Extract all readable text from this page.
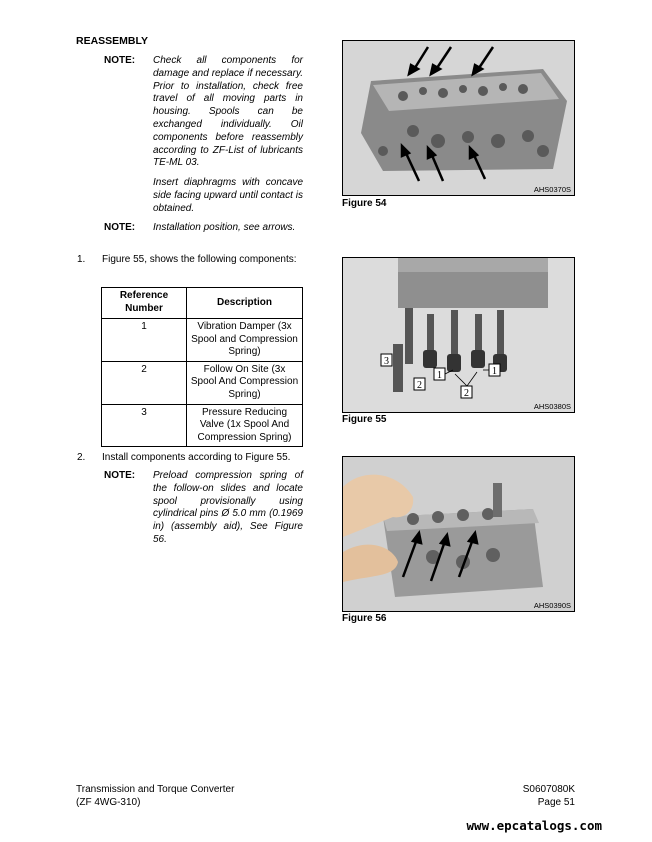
REASSEMBLY
NOTE: Check all components for damage and replace if necessary. Prior to installation, check free travel of all moving parts in housing. Spools can be exchanged individually. Oil components before reassembly according to ZF-List of lubricants TE-ML 03.
Insert diaphragms with concave side facing upward until contact is obtained.
NOTE: Installation position, see arrows.
1. Figure 55, shows the following components:
Reference Number	Description
1	Vibration Damper (3x Spool and Compression Spring)
2	Follow On Site (3x Spool And Compression Spring)
3	Pressure Reducing Valve (1x Spool And Compression Spring)
2. Install components according to Figure 55.
NOTE: Preload compression spring of the follow-on slides and locate spool provisionally using cylindrical pins Ø 5.0 mm (0.1969 in) (assembly aid), See Figure 56.
AHS0370S
Figure 54
3
2
1
2
1
AHS0380S
Figure 55
AHS0390S
Figure 56
Transmission and Torque Converter
(ZF 4WG-310)
S0607080K
Page 51
www.epcatalogs.com
